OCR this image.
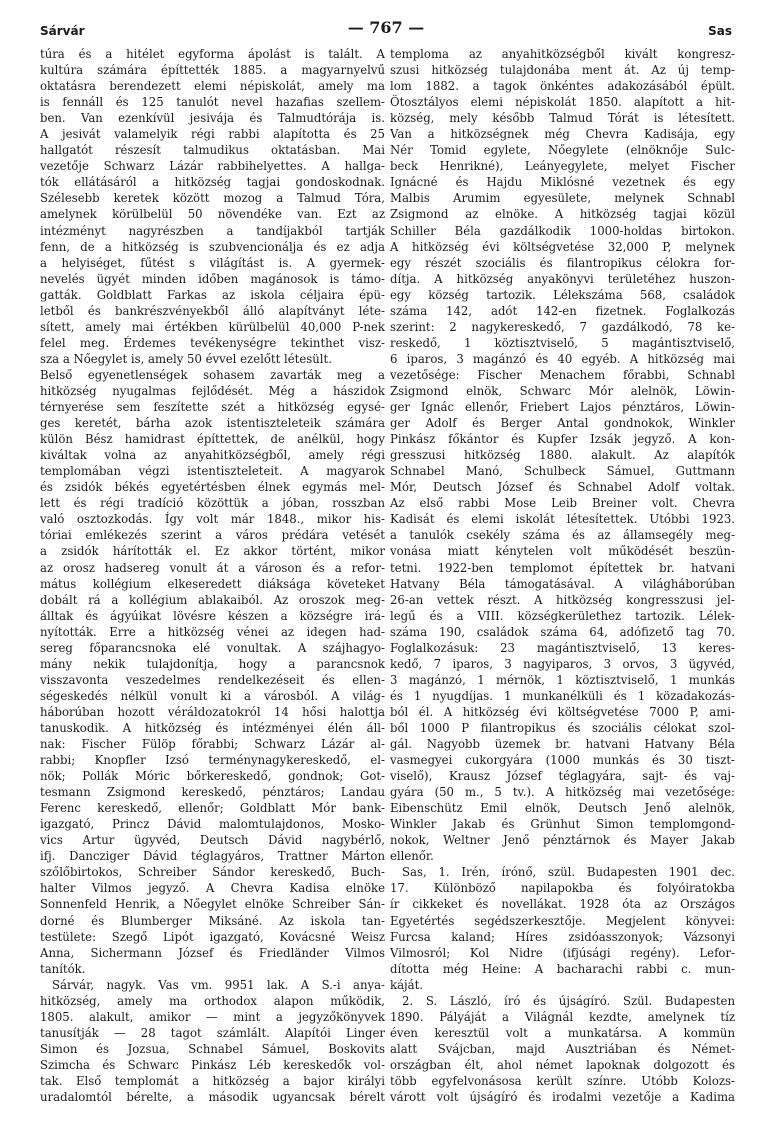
Sárvár	— 767 —	Sas
túra és a hitélet egyforma ápolást is talált. A
kultúra számára építtették 1885. a magyarnyelvű
oktatásra berendezett elemi népiskolát, amely ma
is fennáll és 125 tanulót nevel hazafias szellem-
ben. Van ezenkívül jesivája és Talmudtórája is.
A jesivát valamelyik régi rabbi alapította és 25
hallgatót részesít talmudikus oktatásban. Mai
vezetője Schwarz Lázár rabbihelyettes. A hallga-
tók ellátásáról a hitközség tagjai gondoskodnak.
Szélesebb keretek között mozog a Talmud Tóra,
amelynek körülbelül 50 növendéke van. Ezt az
intézményt nagyrészben a tandíjakból tartják
fenn, de a hitközség is szubvencionálja és ez adja
a helyiséget, fűtést s világítást is. A gyermek-
nevelés ügyét minden időben magánosok is támo-
gatták. Goldblatt Farkas az iskola céljaira épü-
letből és bankrészvényekből álló alapítványt léte-
sített, amely mai értékben kürülbelül 40,000 P-nek
felel meg. Érdemes tevékenységre tekinthet visz-
sza a Nőegylet is, amely 50 évvel ezelőtt létesült.
Belső egyenetlenségek sohasem zavarták meg a
hitközség nyugalmas fejlődését. Még a hászidok
térnyerése sem feszítette szét a hitközség egysé-
ges keretét, bárha azok istentiszteleteik számára
külön Bész hamidrast építtettek, de anélkül, hogy
kiváltak volna az anyahitközségből, amely régi
templomában végzi istentiszteleteit. A magyarok
és zsidók békés egyetértésben élnek egymás mel-
lett és régi tradíció közöttük a jóban, rosszban
való osztozkodás. Így volt már 1848., mikor his-
tóriai emlékezés szerint a város prédára vetését
a zsidók hárították el. Ez akkor történt, mikor
az orosz hadsereg vonult át a városon és a refor-
mátus kollégium elkeseredett diáksága követeket
dobált rá a kollégium ablakaiból. Az oroszok meg-
álltak és ágyúikat lövésre készen a községre irá-
nyították. Erre a hitközség vénei az idegen had-
sereg főparancsnoka elé vonultak. A szájhagyo-
mány nekik tulajdonítja, hogy a parancsnok
visszavonta veszedelmes rendelkezéseit és ellen-
ségeskedés nélkül vonult ki a városból. A világ-
háborúban hozott véráldozatokról 14 hősi halottja
tanuskodik. A hitközség és intézményei élén áll-
nak: Fischer Fülöp főrabbi; Schwarz Lázár al-
rabbi; Knopfler Izsó terménynagykereskedő, el-
nök; Pollák Móric bőrkereskedő, gondnok; Got-
tesmann Zsigmond kereskedő, pénztáros; Landau
Ferenc kereskedő, ellenőr; Goldblatt Mór bank-
igazgató, Princz Dávid malomtulajdonos, Mosko-
vics Artur ügyvéd, Deutsch Dávid nagybérlő,
ifj. Dancziger Dávid téglagyáros, Trattner Márton
szőlőbirtokos, Schreiber Sándor kereskedő, Buch-
halter Vilmos jegyző. A Chevra Kadisa elnöke
Sonnenfeld Henrik, a Nőegylet elnöke Schreiber Sán-
dorné és Blumberger Miksáné. Az iskola tan-
testülete: Szegő Lipót igazgató, Kovácsné Weisz
Anna, Sichermann József és Friedländer Vilmos
tanítók.
Sárvár, nagyk. Vas vm. 9951 lak. A S.-i anya-
hitközség, amely ma orthodox alapon működik,
1805. alakult, amikor — mint a jegyzőkönyvek
tanusítják — 28 tagot számlált. Alapítói Linger
Simon és Jozsua, Schnabel Sámuel, Boskovits
Szimcha és Schwarc Pinkász Léb kereskedők vol-
tak. Első templomát a hitközség a bajor királyi
uradalomtól bérelte, a második ugyancsak bérelt
temploma az anyahitközségből kivált kongresz-
szusi hitközség tulajdonába ment át. Az új temp-
lom 1882. a tagok önkéntes adakozásából épült.
Ötosztályos elemi népiskolát 1850. alapított a hit-
község, mely később Talmud Tórát is létesített.
Van a hitközségnek még Chevra Kadisája, egy
Nér Tomid egylete, Nőegylete (elnöknője Sulc-
beck Henrikné), Leányegylete, melyet Fischer
Ignácné és Hajdu Miklósné vezetnek és egy
Malbis Arumim egyesülete, melynek Schnabl
Zsigmond az elnöke. A hitközség tagjai közül
Schiller Béla gazdálkodik 1000-holdas birtokon.
A hitközség évi költségvetése 32,000 P, melynek
egy részét szociális és filantropikus célokra for-
dítja. A hitközség anyakönyvi területéhez huszon-
egy község tartozik. Lélekszáma 568, családok
száma 142, adót 142-en fizetnek. Foglalkozás
szerint: 2 nagykereskedő, 7 gazdálkodó, 78 ke-
reskedő, 1 köztisztviselő, 5 magántisztviselő,
6 iparos, 3 magánzó és 40 egyéb. A hitközség mai
vezetősége: Fischer Menachem főrabbi, Schnabl
Zsigmond elnök, Schwarc Mór alelnök, Löwin-
ger Ignác ellenőr, Friebert Lajos pénztáros, Löwin-
ger Adolf és Berger Antal gondnokok, Winkler
Pinkász főkántor és Kupfer Izsák jegyző. A kon-
gresszusi hitközség 1880. alakult. Az alapítók
Schnabel Manó, Schulbeck Sámuel, Guttmann
Mór, Deutsch József és Schnabel Adolf voltak.
Az első rabbi Mose Leib Breiner volt. Chevra
Kadisát és elemi iskolát létesítettek. Utóbbi 1923.
a tanulók csekély száma és az államsegély meg-
vonása miatt kénytelen volt működését beszün-
tetni. 1922-ben templomot építettek br. hatvani
Hatvany Béla támogatásával. A világháborúban
26-an vettek részt. A hitközség kongresszusi jel-
legű és a VIII. községkerülethez tartozik. Lélek-
száma 190, családok száma 64, adófizető tag 70.
Foglalkozásuk: 23 magántisztviselő, 13 keres-
kedő, 7 iparos, 3 nagyiparos, 3 orvos, 3 ügyvéd,
3 magánzó, 1 mérnök, 1 köztisztviselő, 1 munkás
és 1 nyugdíjas. 1 munkanélküli és 1 közadakozás-
ból él. A hitközség évi költségvetése 7000 P, ami-
ből 1000 P filantropikus és szociális célokat szol-
gál. Nagyobb üzemek br. hatvani Hatvany Béla
vasmegyei cukorgyára (1000 munkás és 30 tiszt-
viselő), Krausz József téglagyára, sajt- és vaj-
gyára (50 m., 5 tv.). A hitközség mai vezetősége:
Eibenschütz Emil elnök, Deutsch Jenő alelnök,
Winkler Jakab és Grünhut Simon templomgond-
nokok, Weltner Jenő pénztárnok és Mayer Jakab
ellenőr.
Sas, 1. Irén, írónő, szül. Budapesten 1901 dec.
17. Különböző napilapokba és folyóiratokba
ír cikkeket és novellákat. 1928 óta az Országos
Egyetértés segédszerkesztője. Megjelent könyvei:
Furcsa kaland; Híres zsidóasszonyok; Vázsonyi
Vilmosról; Kol Nidre (ifjúsági regény). Lefor-
dította még Heine: A bacharachi rabbi c. mun-
káját.
2. S. László, író és újságíró. Szül. Budapesten
1890. Pályáját a Világnál kezdte, amelynek tíz
éven keresztül volt a munkatársa. A kommün
alatt Svájcban, majd Ausztriában és Német-
országban élt, ahol német lapoknak dolgozott és
több egyfelvonásosa került színre. Utóbb Kolozs-
várott volt újságíró és irodalmi vezetője a Kadima
